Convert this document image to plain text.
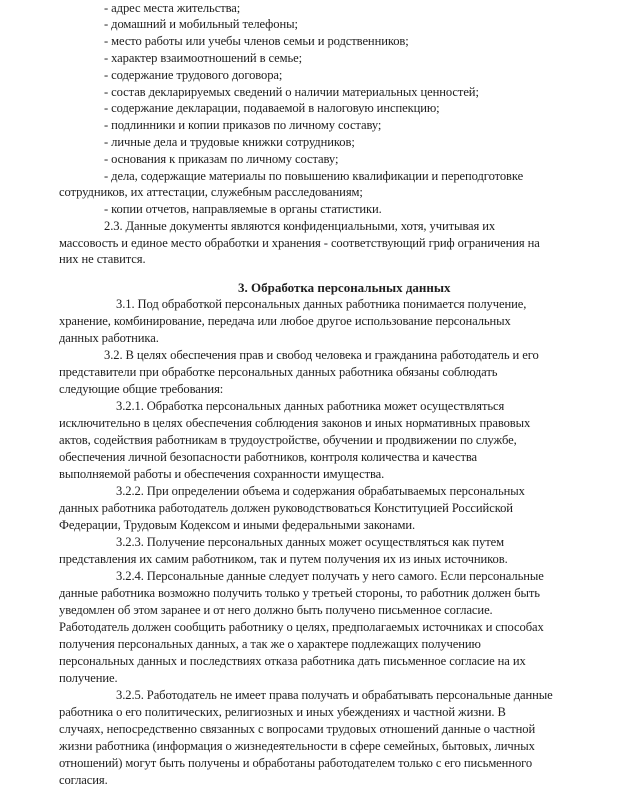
- адрес места жительства;
- домашний и мобильный телефоны;
- место работы или учебы членов семьи и родственников;
- характер взаимоотношений в семье;
- содержание трудового договора;
- состав декларируемых сведений о наличии материальных ценностей;
- содержание декларации, подаваемой в налоговую инспекцию;
- подлинники и копии приказов по личному составу;
- личные дела и трудовые книжки сотрудников;
- основания к приказам по личному составу;
- дела, содержащие материалы по повышению квалификации и переподготовке
сотрудников, их аттестации, служебным расследованиям;
- копии отчетов, направляемые в органы статистики.
2.3. Данные документы являются конфиденциальными, хотя, учитывая их
массовость и единое место обработки и хранения - соответствующий гриф ограничения на
них не ставится.
3. Обработка персональных данных
3.1. Под обработкой персональных данных работника понимается получение,
хранение, комбинирование, передача или любое другое использование персональных
данных работника.
3.2. В целях обеспечения прав и свобод человека и гражданина работодатель и его
представители при обработке персональных данных работника обязаны соблюдать
следующие общие требования:
3.2.1. Обработка персональных данных работника может осуществляться
исключительно в целях обеспечения соблюдения законов и иных нормативных правовых
актов, содействия работникам в трудоустройстве, обучении и продвижении по службе,
обеспечения личной безопасности работников, контроля количества и качества
выполняемой работы и обеспечения сохранности имущества.
3.2.2. При определении объема и содержания обрабатываемых персональных
данных работника работодатель должен руководствоваться Конституцией Российской
Федерации, Трудовым Кодексом и иными федеральными законами.
3.2.3. Получение персональных данных может осуществляться как путем
представления их самим работником, так и путем получения их из иных источников.
3.2.4. Персональные данные следует получать у него самого. Если персональные
данные работника возможно получить только у третьей стороны, то работник должен быть
уведомлен об этом заранее и от него должно быть получено письменное согласие.
Работодатель должен сообщить работнику о целях, предполагаемых источниках и способах
получения персональных данных, а так же о характере подлежащих получению
персональных данных и последствиях отказа работника дать письменное согласие на их
получение.
3.2.5. Работодатель не имеет права получать и обрабатывать персональные данные
работника о его политических, религиозных и иных убеждениях и частной жизни. В
случаях, непосредственно связанных с вопросами трудовых отношений данные о частной
жизни работника (информация о жизнедеятельности в сфере семейных, бытовых, личных
отношений) могут быть получены и обработаны работодателем только с его письменного
согласия.
